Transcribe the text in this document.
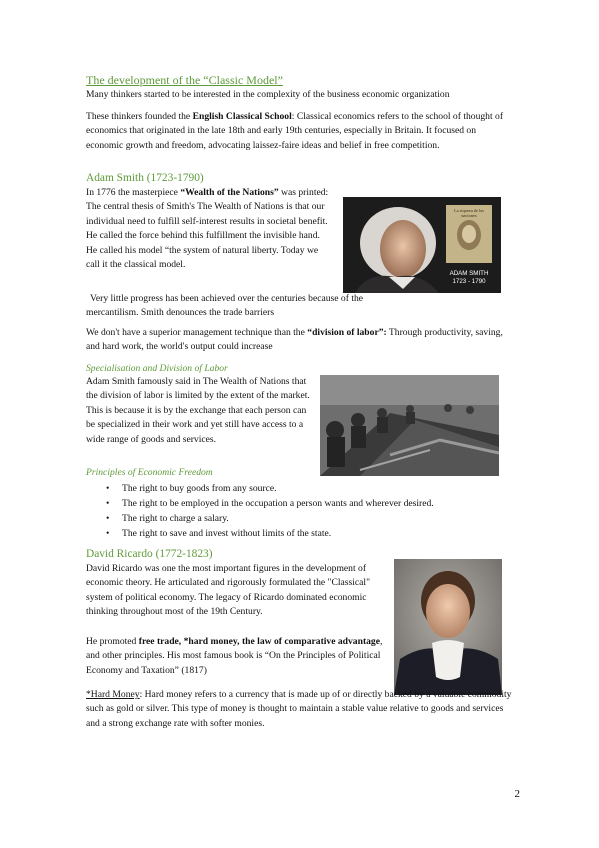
The development of the “Classic Model”

Many thinkers started to be interested in the complexity of the business economic organization

These thinkers founded the English Classical School: Classical economics refers to the school of thought of economics that originated in the late 18th and early 19th centuries, especially in Britain. It focused on economic growth and freedom, advocating laissez-faire ideas and belief in free competition.

Adam Smith (1723-1790)

In 1776 the masterpiece “Wealth of the Nations” was printed: The central thesis of Smith's The Wealth of Nations is that our individual need to fulfill self-interest results in societal benefit. He called the force behind this fulfillment the invisible hand. He called his model “the system of natural liberty. Today we call it the classical model.

La riqueza de las naciones
ADAM SMITH
1723 - 1790

Very little progress has been achieved over the centuries because of the mercantilism. Smith denounces the trade barriers

We don't have a superior management technique than the “division of labor”: Through productivity, saving, and hard work, the world's output could increase

Specialisation and Division of Labor

Adam Smith famously said in The Wealth of Nations that the division of labor is limited by the extent of the market. This is because it is by the exchange that each person can be specialized in their work and yet still have access to a wide range of goods and services.

Principles of Economic Freedom
• The right to buy goods from any source.
• The right to be employed in the occupation a person wants and wherever desired.
• The right to charge a salary.
• The right to save and invest without limits of the state.
David Ricardo (1772-1823)

David Ricardo was one the most important figures in the development of economic theory. He articulated and rigorously formulated the "Classical" system of political economy. The legacy of Ricardo dominated economic thinking throughout most of the 19th Century.

He promoted free trade, *hard money, the law of comparative advantage, and other principles. His most famous book is “On the Principles of Political Economy and Taxation” (1817)

*Hard Money: Hard money refers to a currency that is made up of or directly backed by a valuable commodity such as gold or silver. This type of money is thought to maintain a stable value relative to goods and services and a strong exchange rate with softer monies.

2
